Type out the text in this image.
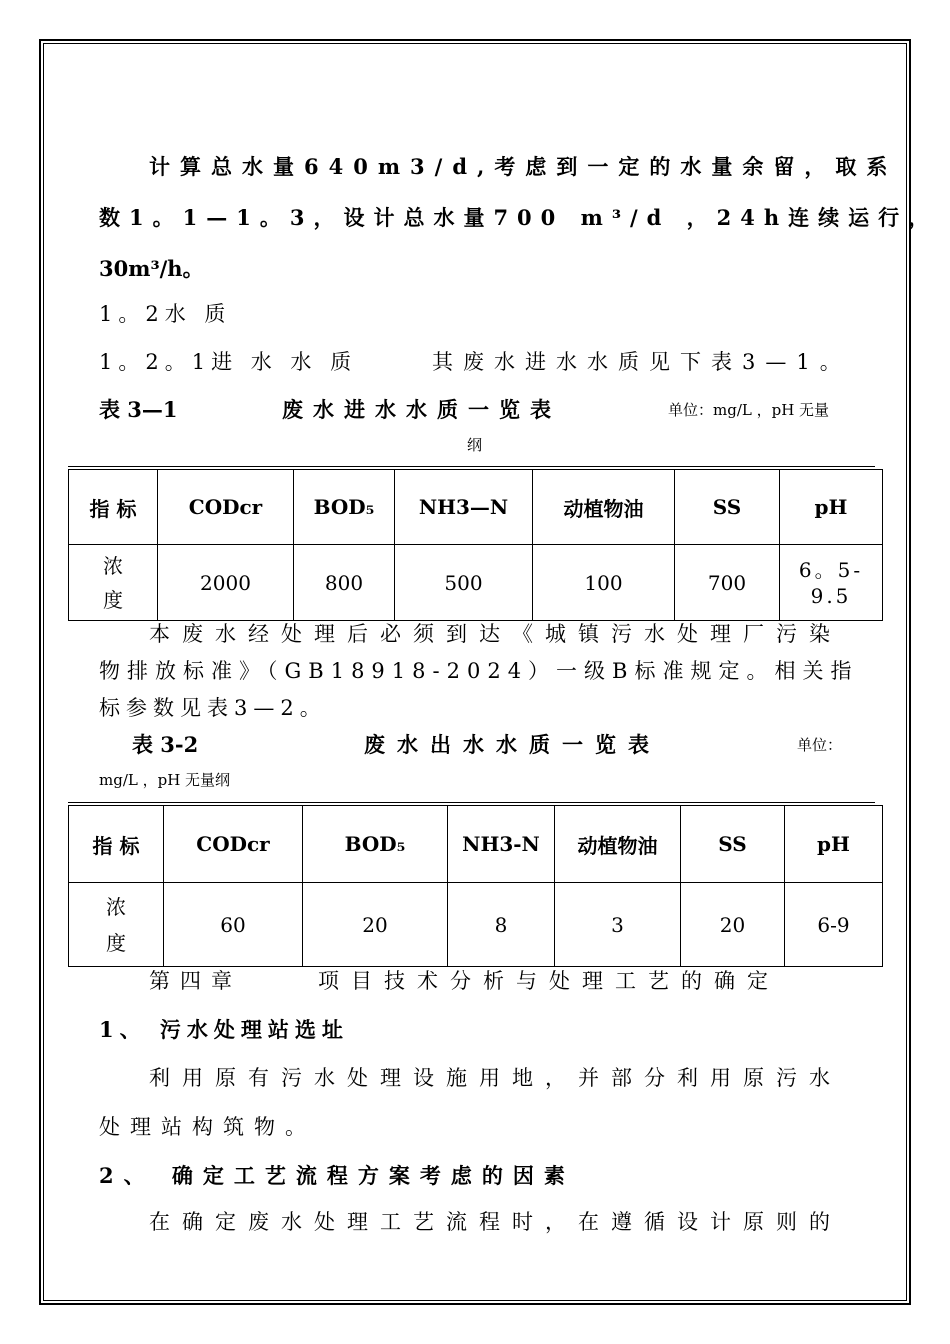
计算总水量640m3/d,考虑到一定的水量余留，取系
数1。1—1。3，设计总水量700 m³/d ，24h连续运行，
30m³/h。
1。2水 质
1。2。1进 水 水 质	其废水进水水质见下表3—1。
表 3—1	废水进水水质一览表	单位：mg/L ，pH 无量
纲
指 标	CODcr	BOD₅	NH3—N	动植物油	SS	pH
浓度	2000	800	500	100	700	6。5-9.5
本废水经处理后必须到达《城镇污水处理厂污染
物排放标准》（GB18918-2024）一级B标准规定。相关指
标参数见表3—2。
表 3-2	废水出水水质一览表	单位：
mg/L ，pH 无量纲
指 标	CODcr	BOD₅	NH3-N	动植物油	SS	pH
浓度	60	20	8	3	20	6-9
第四章	项目技术分析与处理工艺的确定
1、 污水处理站选址
利用原有污水处理设施用地，并部分利用原污水
处理站构筑物。
2、 确定工艺流程方案考虑的因素
在确定废水处理工艺流程时，在遵循设计原则的
